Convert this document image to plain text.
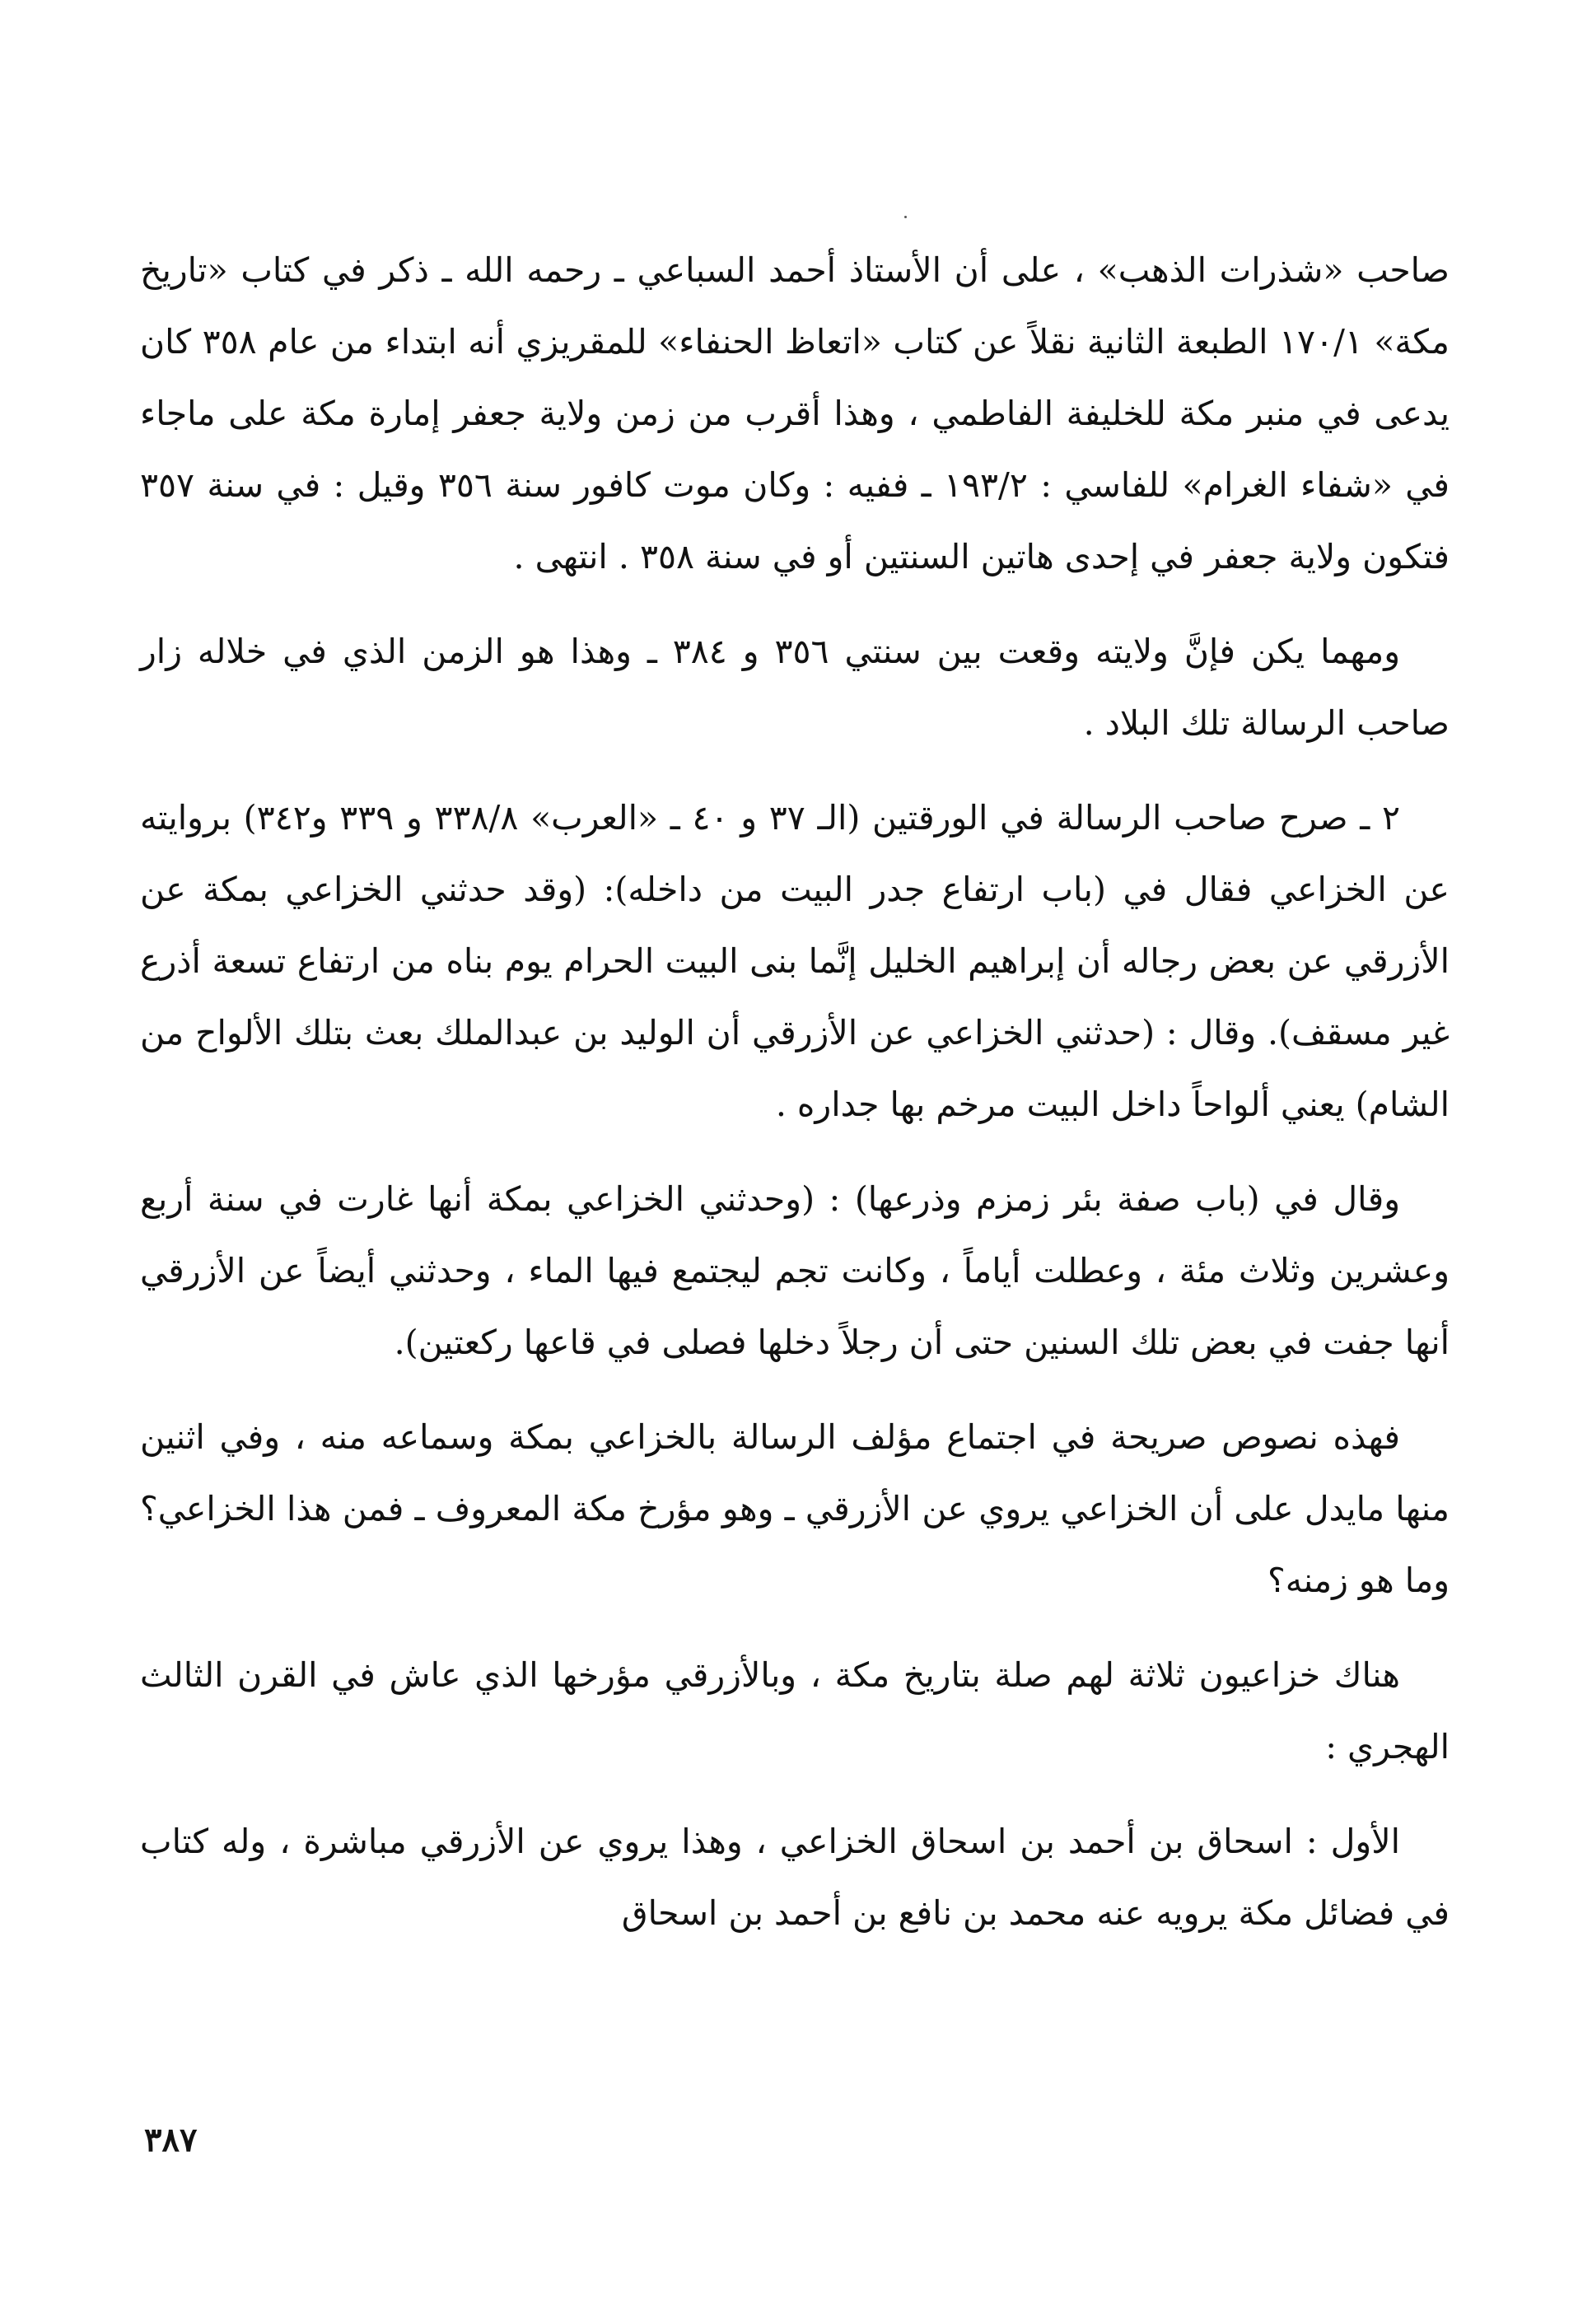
صاحب «شذرات الذهب» ، على أن الأستاذ أحمد السباعي ـ رحمه الله ـ ذكر في كتاب «تاريخ مكة» ١٧٠/١ الطبعة الثانية نقلاً عن كتاب «اتعاظ الحنفاء» للمقريزي أنه ابتداء من عام ٣٥٨ كان يدعى في منبر مكة للخليفة الفاطمي ، وهذا أقرب من زمن ولاية جعفر إمارة مكة على ماجاء في «شفاء الغرام» للفاسي : ١٩٣/٢ ـ ففيه : وكان موت كافور سنة ٣٥٦ وقيل : في سنة ٣٥٧ فتكون ولاية جعفر في إحدى هاتين السنتين أو في سنة ٣٥٨ . انتهى .

ومهما يكن فإنَّ ولايته وقعت بين سنتي ٣٥٦ و ٣٨٤ ـ وهذا هو الزمن الذي في خلاله زار صاحب الرسالة تلك البلاد .

٢ ـ صرح صاحب الرسالة في الورقتين (الـ ٣٧ و ٤٠ ـ «العرب» ٣٣٨/٨ و ٣٣٩ و٣٤٢) بروايته عن الخزاعي فقال في (باب ارتفاع جدر البيت من داخله): (وقد حدثني الخزاعي بمكة عن الأزرقي عن بعض رجاله أن إبراهيم الخليل إنَّما بنى البيت الحرام يوم بناه من ارتفاع تسعة أذرع غير مسقف). وقال : (حدثني الخزاعي عن الأزرقي أن الوليد بن عبدالملك بعث بتلك الألواح من الشام) يعني ألواحاً داخل البيت مرخم بها جداره .

وقال في (باب صفة بئر زمزم وذرعها) : (وحدثني الخزاعي بمكة أنها غارت في سنة أربع وعشرين وثلاث مئة ، وعطلت أياماً ، وكانت تجم ليجتمع فيها الماء ، وحدثني أيضاً عن الأزرقي أنها جفت في بعض تلك السنين حتى أن رجلاً دخلها فصلى في قاعها ركعتين).

فهذه نصوص صريحة في اجتماع مؤلف الرسالة بالخزاعي بمكة وسماعه منه ، وفي اثنين منها مايدل على أن الخزاعي يروي عن الأزرقي ـ وهو مؤرخ مكة المعروف ـ فمن هذا الخزاعي؟ وما هو زمنه؟

هناك خزاعيون ثلاثة لهم صلة بتاريخ مكة ، وبالأزرقي مؤرخها الذي عاش في القرن الثالث الهجري :

الأول : اسحاق بن أحمد بن اسحاق الخزاعي ، وهذا يروي عن الأزرقي مباشرة ، وله كتاب في فضائل مكة يرويه عنه محمد بن نافع بن أحمد بن اسحاق

٣٨٧
